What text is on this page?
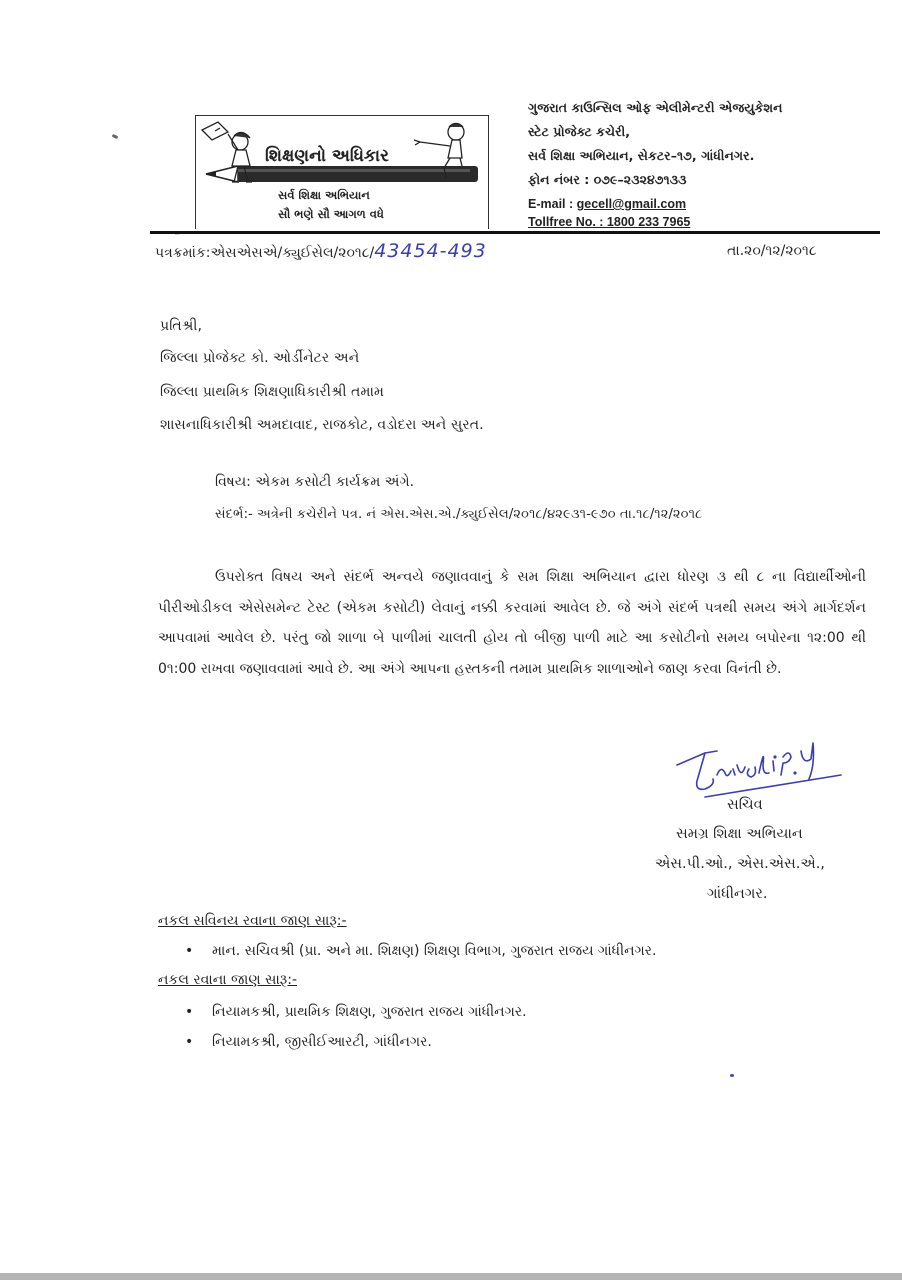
શિક્ષણનો અધિકાર
સર્વ શિક્ષા અભિયાન
સૌ ભણે સૌ આગળ વધે
ગુજરાત કાઉન્સિલ ઓફ એલીમેન્ટરી એજયુકેશન
સ્ટેટ પ્રોજેક્ટ કચેરી,
સર્વ શિક્ષા અભિયાન, સેકટર–૧૭, ગાંધીનગર.
ફોન નંબર : ૦૭૯–૨૩૨૪૭૧૩૩
E-mail : gecell@gmail.com
Tollfree No. : 1800 233 7965
પત્રક્રમાંક:એસએસએ/ક્યુઈસેલ/૨૦૧૮/43454-493	તા.૨૦/૧૨/૨૦૧૮
પ્રતિશ્રી,
જિલ્લા પ્રોજેક્ટ કો. ઓર્ડીનેટર અને
જિલ્લા પ્રાથમિક શિક્ષણાધિકારીશ્રી તમામ
શાસનાધિકારીશ્રી અમદાવાદ, રાજકોટ, વડોદરા અને સુરત.
વિષય: એકમ કસોટી કાર્યક્રમ અંગે.
સંદર્ભ:- અત્રેની કચેરીને પત્ર. નં એસ.એસ.એ./ક્યુઈસેલ/૨૦૧૮/૪૨૯૩૧-૯૭૦ તા.૧૮/૧૨/૨૦૧૮

ઉપરોક્ત વિષય અને સંદર્ભ અન્વયે જણાવવાનું કે સમ શિક્ષા અભિયાન દ્વારા ધોરણ ૩ થી ૮ ના વિદ્યાર્થીઓની પીરીઓડીકલ એસેસમેન્ટ ટેસ્ટ (એકમ કસોટી) લેવાનું નક્કી કરવામાં આવેલ છે. જે અંગે સંદર્ભ પત્રથી સમય અંગે માર્ગદર્શન આપવામાં આવેલ છે. પરંતુ જો શાળા બે પાળીમાં ચાલતી હોય તો બીજી પાળી માટે આ કસોટીનો સમય બપોરના ૧૨:00 થી 0૧:00 રાખવા જણાવવામાં આવે છે. આ અંગે આપના હસ્તકની તમામ પ્રાથમિક શાળાઓને જાણ કરવા વિનંતી છે.

Trivedi P.Y
સચિવ
સમગ્ર શિક્ષા અભિયાન
એસ.પી.ઓ., એસ.એસ.એ.,
ગાંધીનગર.
નકલ સવિનય રવાના જાણ સારૂ:-
• માન. સચિવશ્રી (પ્રા. અને મા. શિક્ષણ) શિક્ષણ વિભાગ, ગુજરાત રાજય ગાંધીનગર.
નકલ રવાના જાણ સારૂ:-
• નિયામકશ્રી, પ્રાથમિક શિક્ષણ, ગુજરાત રાજય ગાંધીનગર.
• નિયામકશ્રી, જીસીઈઆરટી, ગાંધીનગર.
